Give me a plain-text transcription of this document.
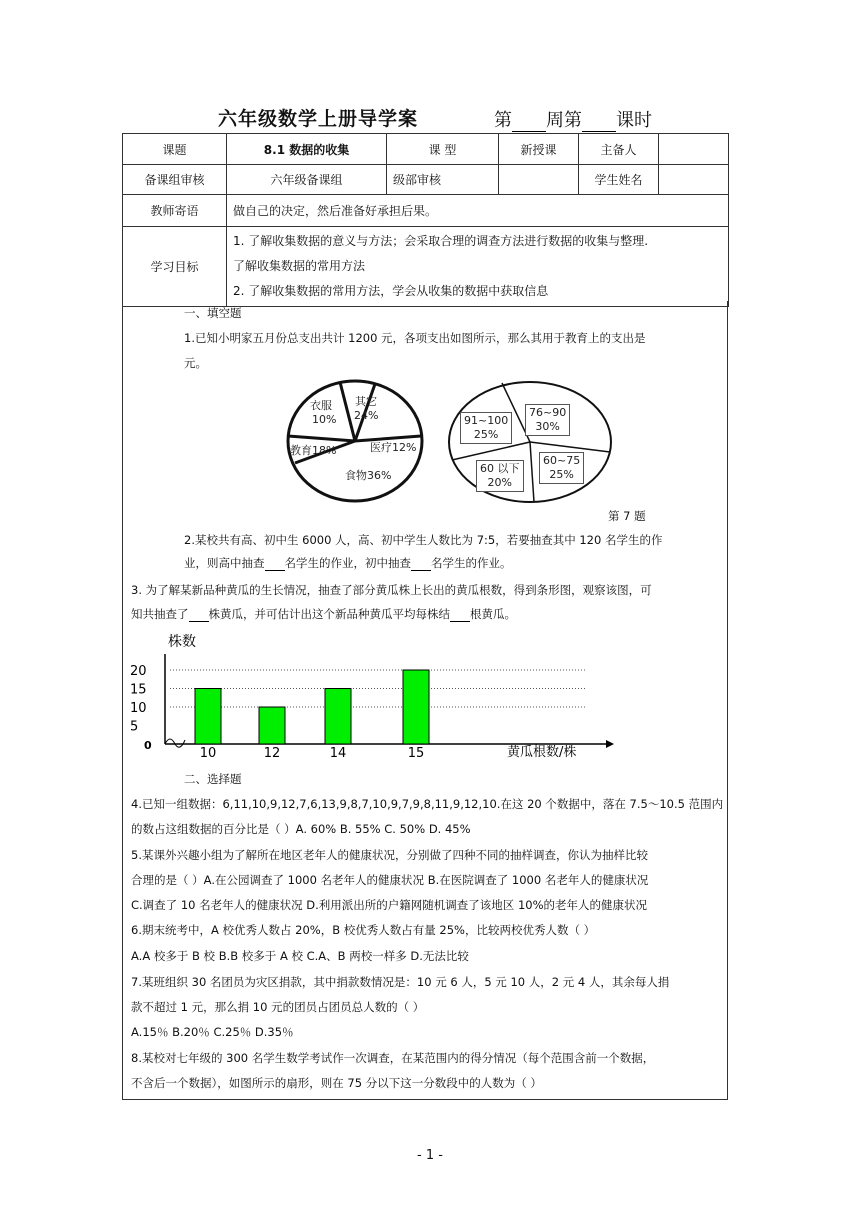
六年级数学上册导学案	第 周第 课时
课题	8.1 数据的收集	课 型	新授课	主备人	
备课组审核	六年级备课组	级部审核		学生姓名	
教师寄语	做自己的决定，然后准备好承担后果。				
学习目标	1. 了解收集数据的意义与方法；会采取合理的调查方法进行数据的收集与整理.
了解收集数据的常用方法
2. 了解收集数据的常用方法，学会从收集的数据中获取信息				
一、填空题
1.已知小明家五月份总支出共计 1200 元，各项支出如图所示，那么其用于教育上的支出是
元。
衣服
10%
其它
24%
教育18%	医疗12%
食物36%
91~100
25%
76~90
30%
60 以下
20%
60~75
25%
第 7 题
2.某校共有高、初中生 6000 人，高、初中学生人数比为 7:5，若要抽查其中 120 名学生的作
业，则高中抽查 名学生的作业，初中抽查 名学生的作业。
3. 为了解某新品种黄瓜的生长情况，抽查了部分黄瓜株上长出的黄瓜根数，得到条形图，观察该图，可
知共抽查了 株黄瓜，并可估计出这个新品种黄瓜平均每株结 根黄瓜。
株数
黄瓜根数/株
0
5
10
15
20
10	12	14	15
二、选择题
4.已知一组数据：6,11,10,9,12,7,6,13,9,8,7,10,9,7,9,8,11,9,12,10.在这 20 个数据中，落在 7.5～10.5 范围内
的数占这组数据的百分比是（ ）A. 60% B. 55% C. 50% D. 45%
5.某课外兴趣小组为了解所在地区老年人的健康状况，分别做了四种不同的抽样调查，你认为抽样比较
合理的是（ ）A.在公园调查了 1000 名老年人的健康状况 B.在医院调查了 1000 名老年人的健康状况
C.调查了 10 名老年人的健康状况 D.利用派出所的户籍网随机调查了该地区 10%的老年人的健康状况
6.期末统考中，A 校优秀人数占 20%，B 校优秀人数占有量 25%，比较两校优秀人数（ ）
A.A 校多于 B 校 B.B 校多于 A 校 C.A、B 两校一样多 D.无法比较
7.某班组织 30 名团员为灾区捐款，其中捐款数情况是：10 元 6 人，5 元 10 人，2 元 4 人，其余每人捐
款不超过 1 元，那么捐 10 元的团员占团员总人数的（ ）
A.15％ B.20％ C.25％ D.35％
8.某校对七年级的 300 名学生数学考试作一次调查，在某范围内的得分情况（每个范围含前一个数据，
不含后一个数据），如图所示的扇形，则在 75 分以下这一分数段中的人数为（ ）
- 1 -
